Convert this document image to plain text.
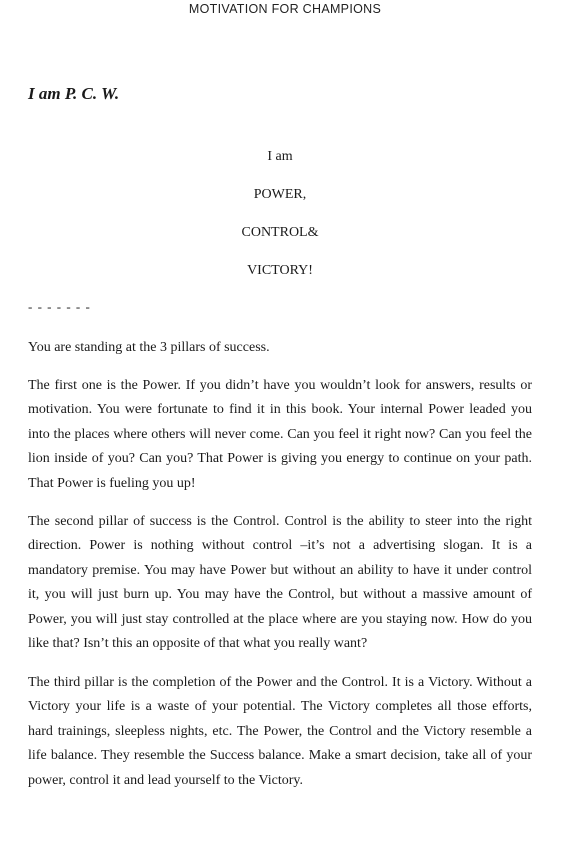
MOTIVATION FOR CHAMPIONS
I am P. C. W.
I am
POWER,
CONTROL&
VICTORY!
- - - - - - -

You are standing at the 3 pillars of success.

The first one is the Power. If you didn’t have you wouldn’t look for answers, results or motivation. You were fortunate to find it in this book. Your internal Power leaded you into the places where others will never come. Can you feel it right now? Can you feel the lion inside of you? Can you? That Power is giving you energy to continue on your path. That Power is fueling you up!

The second pillar of success is the Control. Control is the ability to steer into the right direction. Power is nothing without control –it’s not a advertising slogan. It is a mandatory premise. You may have Power but without an ability to have it under control it, you will just burn up. You may have the Control, but without a massive amount of Power, you will just stay controlled at the place where are you staying now. How do you like that? Isn’t this an opposite of that what you really want?

The third pillar is the completion of the Power and the Control. It is a Victory. Without a Victory your life is a waste of your potential. The Victory completes all those efforts, hard trainings, sleepless nights, etc. The Power, the Control and the Victory resemble a life balance. They resemble the Success balance. Make a smart decision, take all of your power, control it and lead yourself to the Victory.
